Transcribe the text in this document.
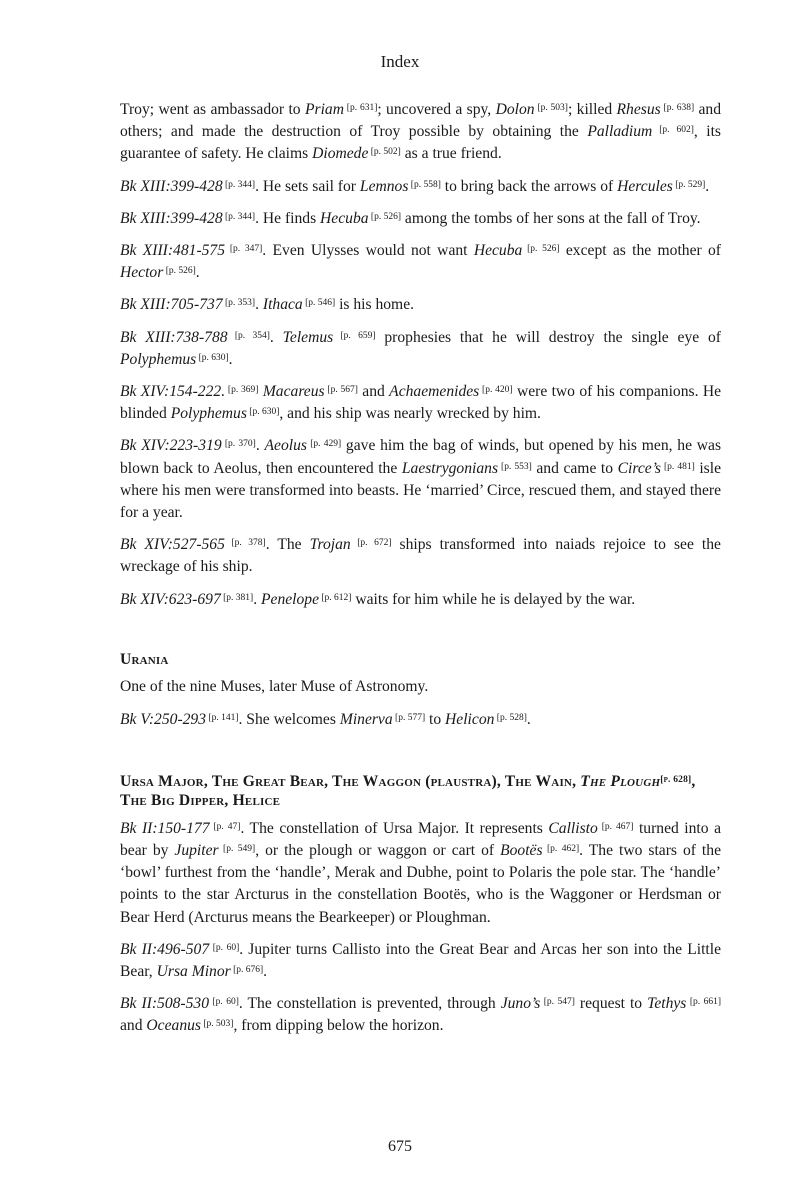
Index

Troy; went as ambassador to Priam [p. 631]; uncovered a spy, Dolon [p. 503]; killed Rhesus [p. 638] and others; and made the destruction of Troy possible by obtaining the Palladium [p. 602], its guarantee of safety. He claims Diomede [p. 502] as a true friend.

Bk XIII:399-428 [p. 344]. He sets sail for Lemnos [p. 558] to bring back the arrows of Hercules [p. 529].

Bk XIII:399-428 [p. 344]. He finds Hecuba [p. 526] among the tombs of her sons at the fall of Troy.

Bk XIII:481-575 [p. 347]. Even Ulysses would not want Hecuba [p. 526] except as the mother of Hector [p. 526].

Bk XIII:705-737 [p. 353]. Ithaca [p. 546] is his home.

Bk XIII:738-788 [p. 354]. Telemus [p. 659] prophesies that he will destroy the single eye of Polyphemus [p. 630].

Bk XIV:154-222. [p. 369] Macareus [p. 567] and Achaemenides [p. 420] were two of his companions. He blinded Polyphemus [p. 630], and his ship was nearly wrecked by him.

Bk XIV:223-319 [p. 370]. Aeolus [p. 429] gave him the bag of winds, but opened by his men, he was blown back to Aeolus, then encountered the Laestrygonians [p. 553] and came to Circe’s [p. 481] isle where his men were transformed into beasts. He ‘married’ Circe, rescued them, and stayed there for a year.

Bk XIV:527-565 [p. 378]. The Trojan [p. 672] ships transformed into naiads rejoice to see the wreckage of his ship.

Bk XIV:623-697 [p. 381]. Penelope [p. 612] waits for him while he is delayed by the war.

Urania

One of the nine Muses, later Muse of Astronomy.

Bk V:250-293 [p. 141]. She welcomes Minerva [p. 577] to Helicon [p. 528].

Ursa Major, The Great Bear, The Waggon (plaustra), The Wain, The Plough[p. 628], The Big Dipper, Helice

Bk II:150-177 [p. 47]. The constellation of Ursa Major. It represents Callisto [p. 467] turned into a bear by Jupiter [p. 549], or the plough or waggon or cart of Bootës [p. 462]. The two stars of the ‘bowl’ furthest from the ‘handle’, Merak and Dubhe, point to Polaris the pole star. The ‘handle’ points to the star Arcturus in the constellation Bootës, who is the Waggoner or Herdsman or Bear Herd (Arcturus means the Bearkeeper) or Ploughman.

Bk II:496-507 [p. 60]. Jupiter turns Callisto into the Great Bear and Arcas her son into the Little Bear, Ursa Minor [p. 676].

Bk II:508-530 [p. 60]. The constellation is prevented, through Juno’s [p. 547] request to Tethys [p. 661] and Oceanus [p. 503], from dipping below the horizon.

675
